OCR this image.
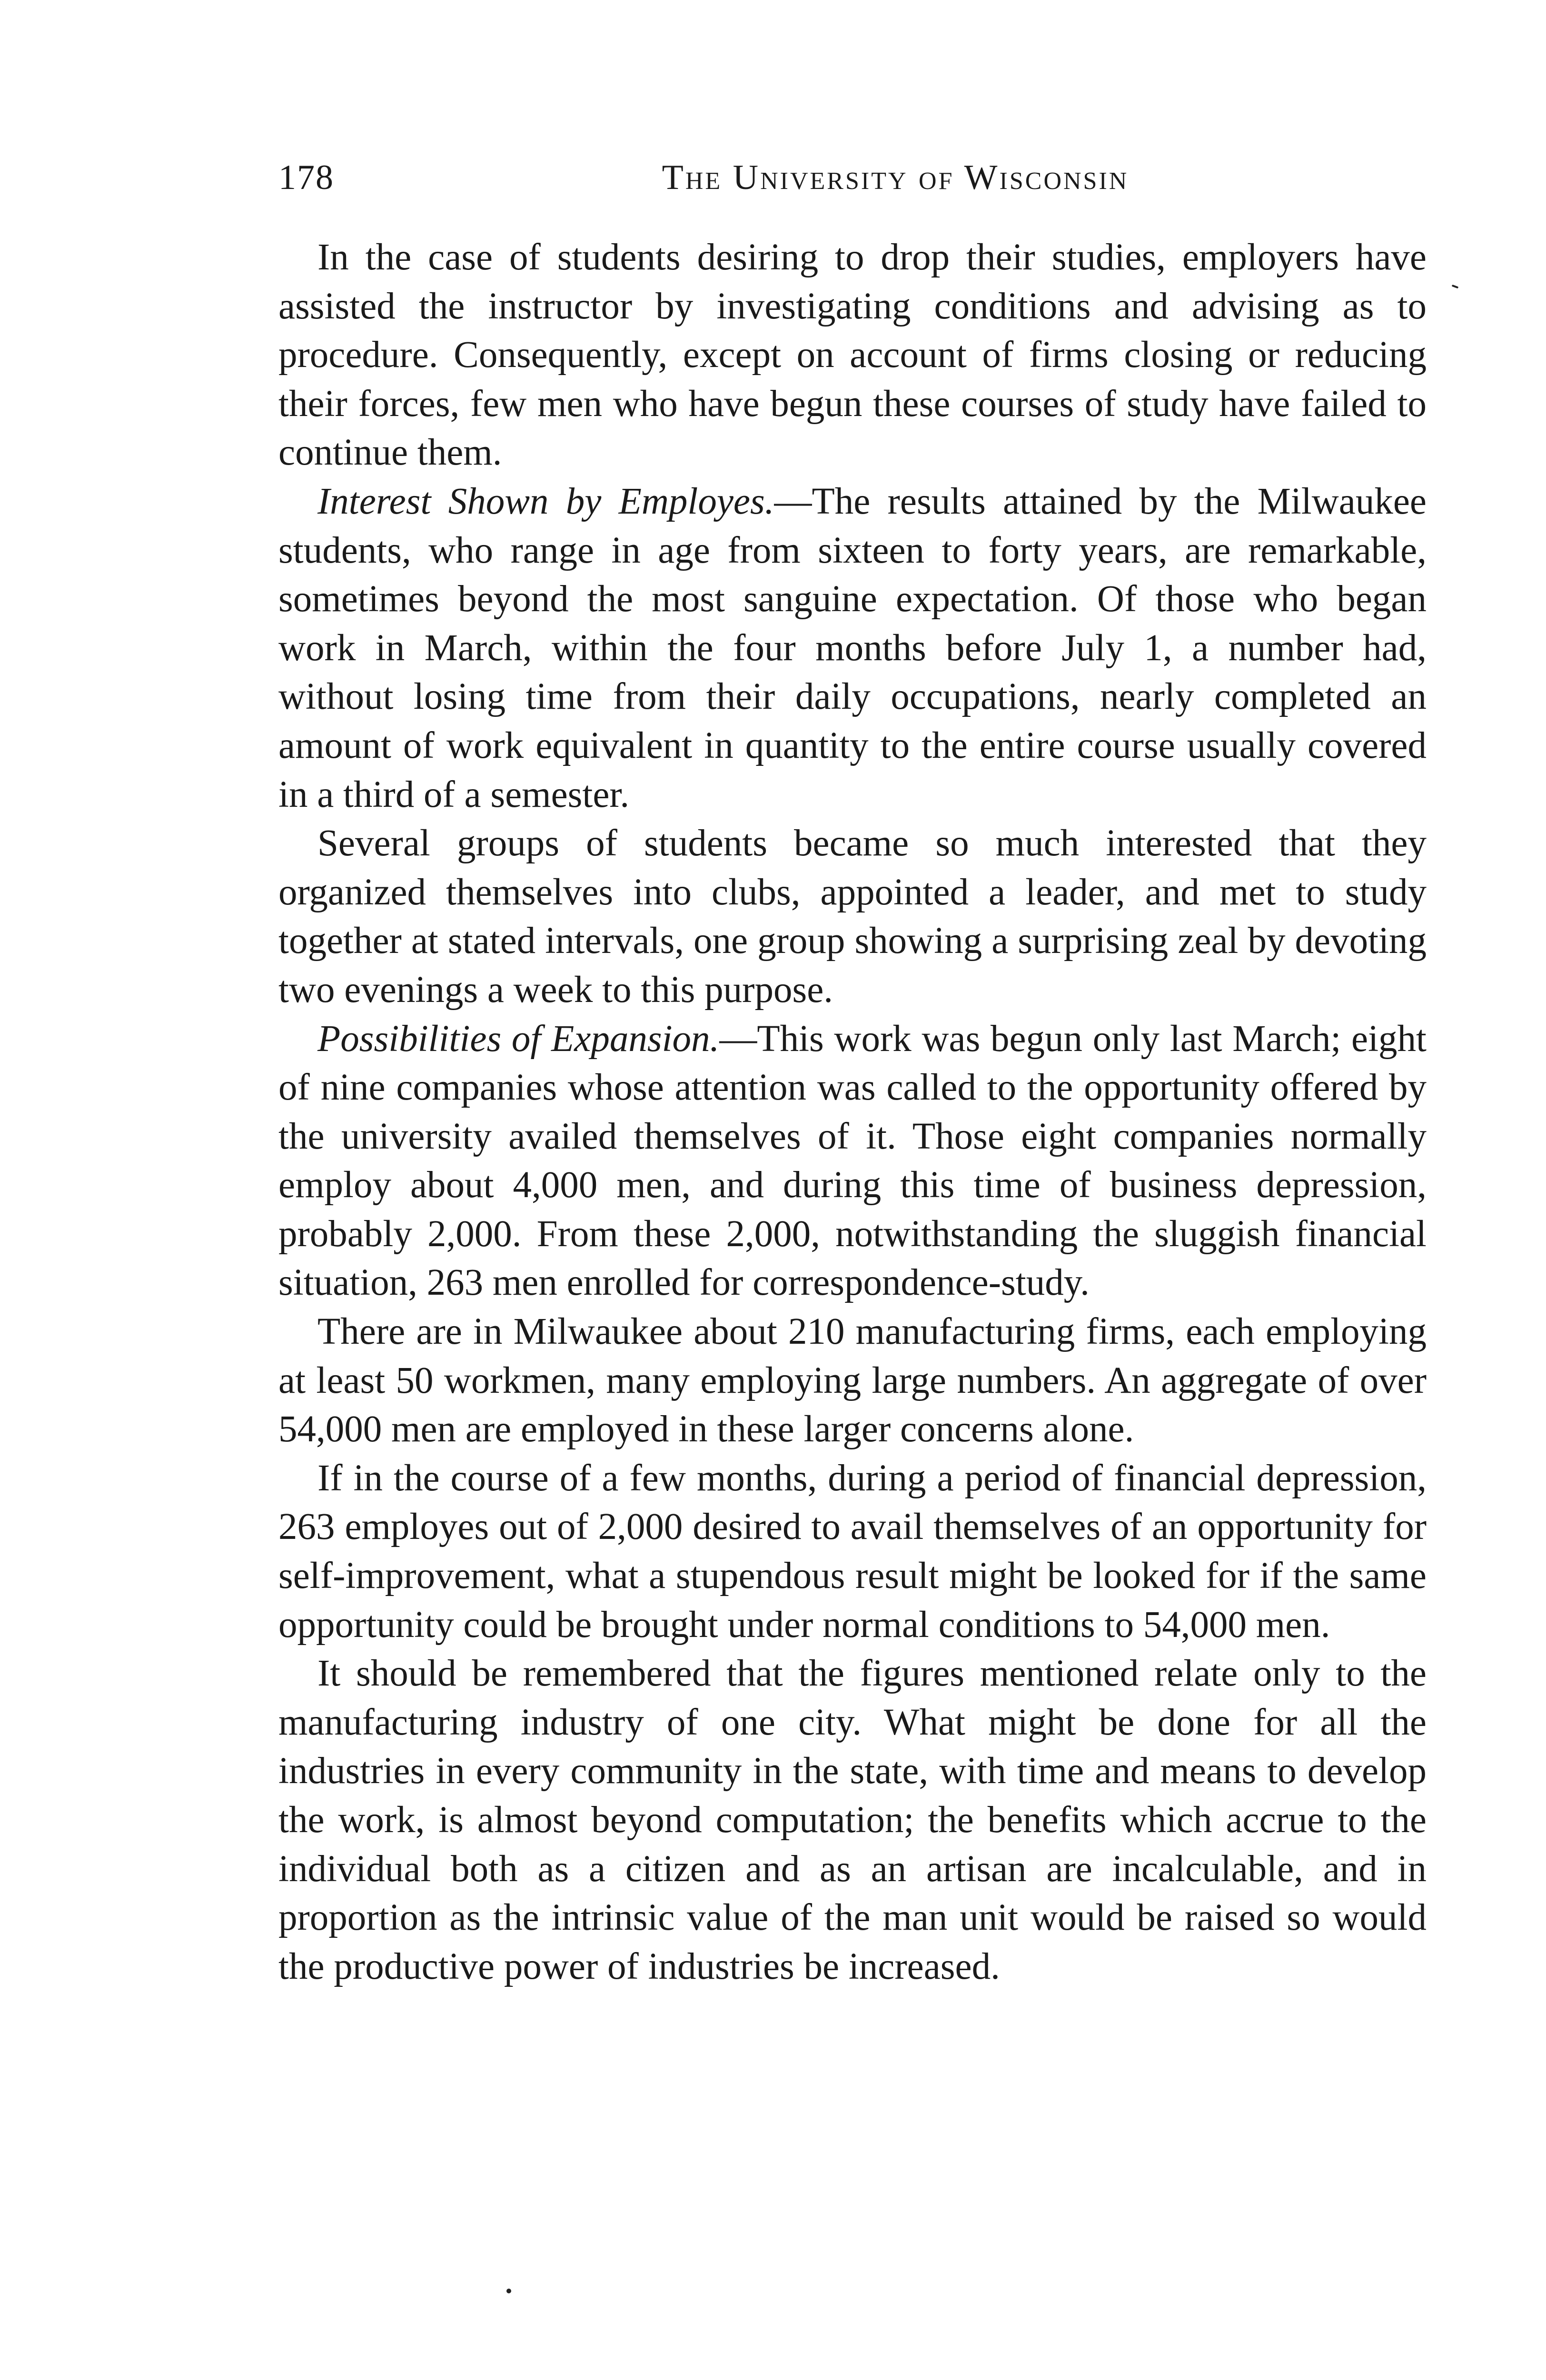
178	The University of Wisconsin

In the case of students desiring to drop their studies, employers have assisted the instructor by investigating conditions and advising as to procedure. Consequently, except on account of firms closing or reducing their forces, few men who have begun these courses of study have failed to continue them.

Interest Shown by Employes.—The results attained by the Milwaukee students, who range in age from sixteen to forty years, are remarkable, sometimes beyond the most sanguine expectation. Of those who began work in March, within the four months before July 1, a number had, without losing time from their daily occupations, nearly completed an amount of work equivalent in quantity to the entire course usually covered in a third of a semester.

Several groups of students became so much interested that they organized themselves into clubs, appointed a leader, and met to study together at stated intervals, one group showing a surprising zeal by devoting two evenings a week to this purpose.

Possibilities of Expansion.—This work was begun only last March; eight of nine companies whose attention was called to the opportunity offered by the university availed themselves of it. Those eight companies normally employ about 4,000 men, and during this time of business depression, probably 2,000. From these 2,000, notwithstanding the sluggish financial situation, 263 men enrolled for correspondence-study.

There are in Milwaukee about 210 manufacturing firms, each employing at least 50 workmen, many employing large numbers. An aggregate of over 54,000 men are employed in these larger concerns alone.

If in the course of a few months, during a period of financial depression, 263 employes out of 2,000 desired to avail themselves of an opportunity for self-improvement, what a stupendous result might be looked for if the same opportunity could be brought under normal conditions to 54,000 men.

It should be remembered that the figures mentioned relate only to the manufacturing industry of one city. What might be done for all the industries in every community in the state, with time and means to develop the work, is almost beyond computation; the benefits which accrue to the individual both as a citizen and as an artisan are incalculable, and in proportion as the intrinsic value of the man unit would be raised so would the productive power of industries be increased.
